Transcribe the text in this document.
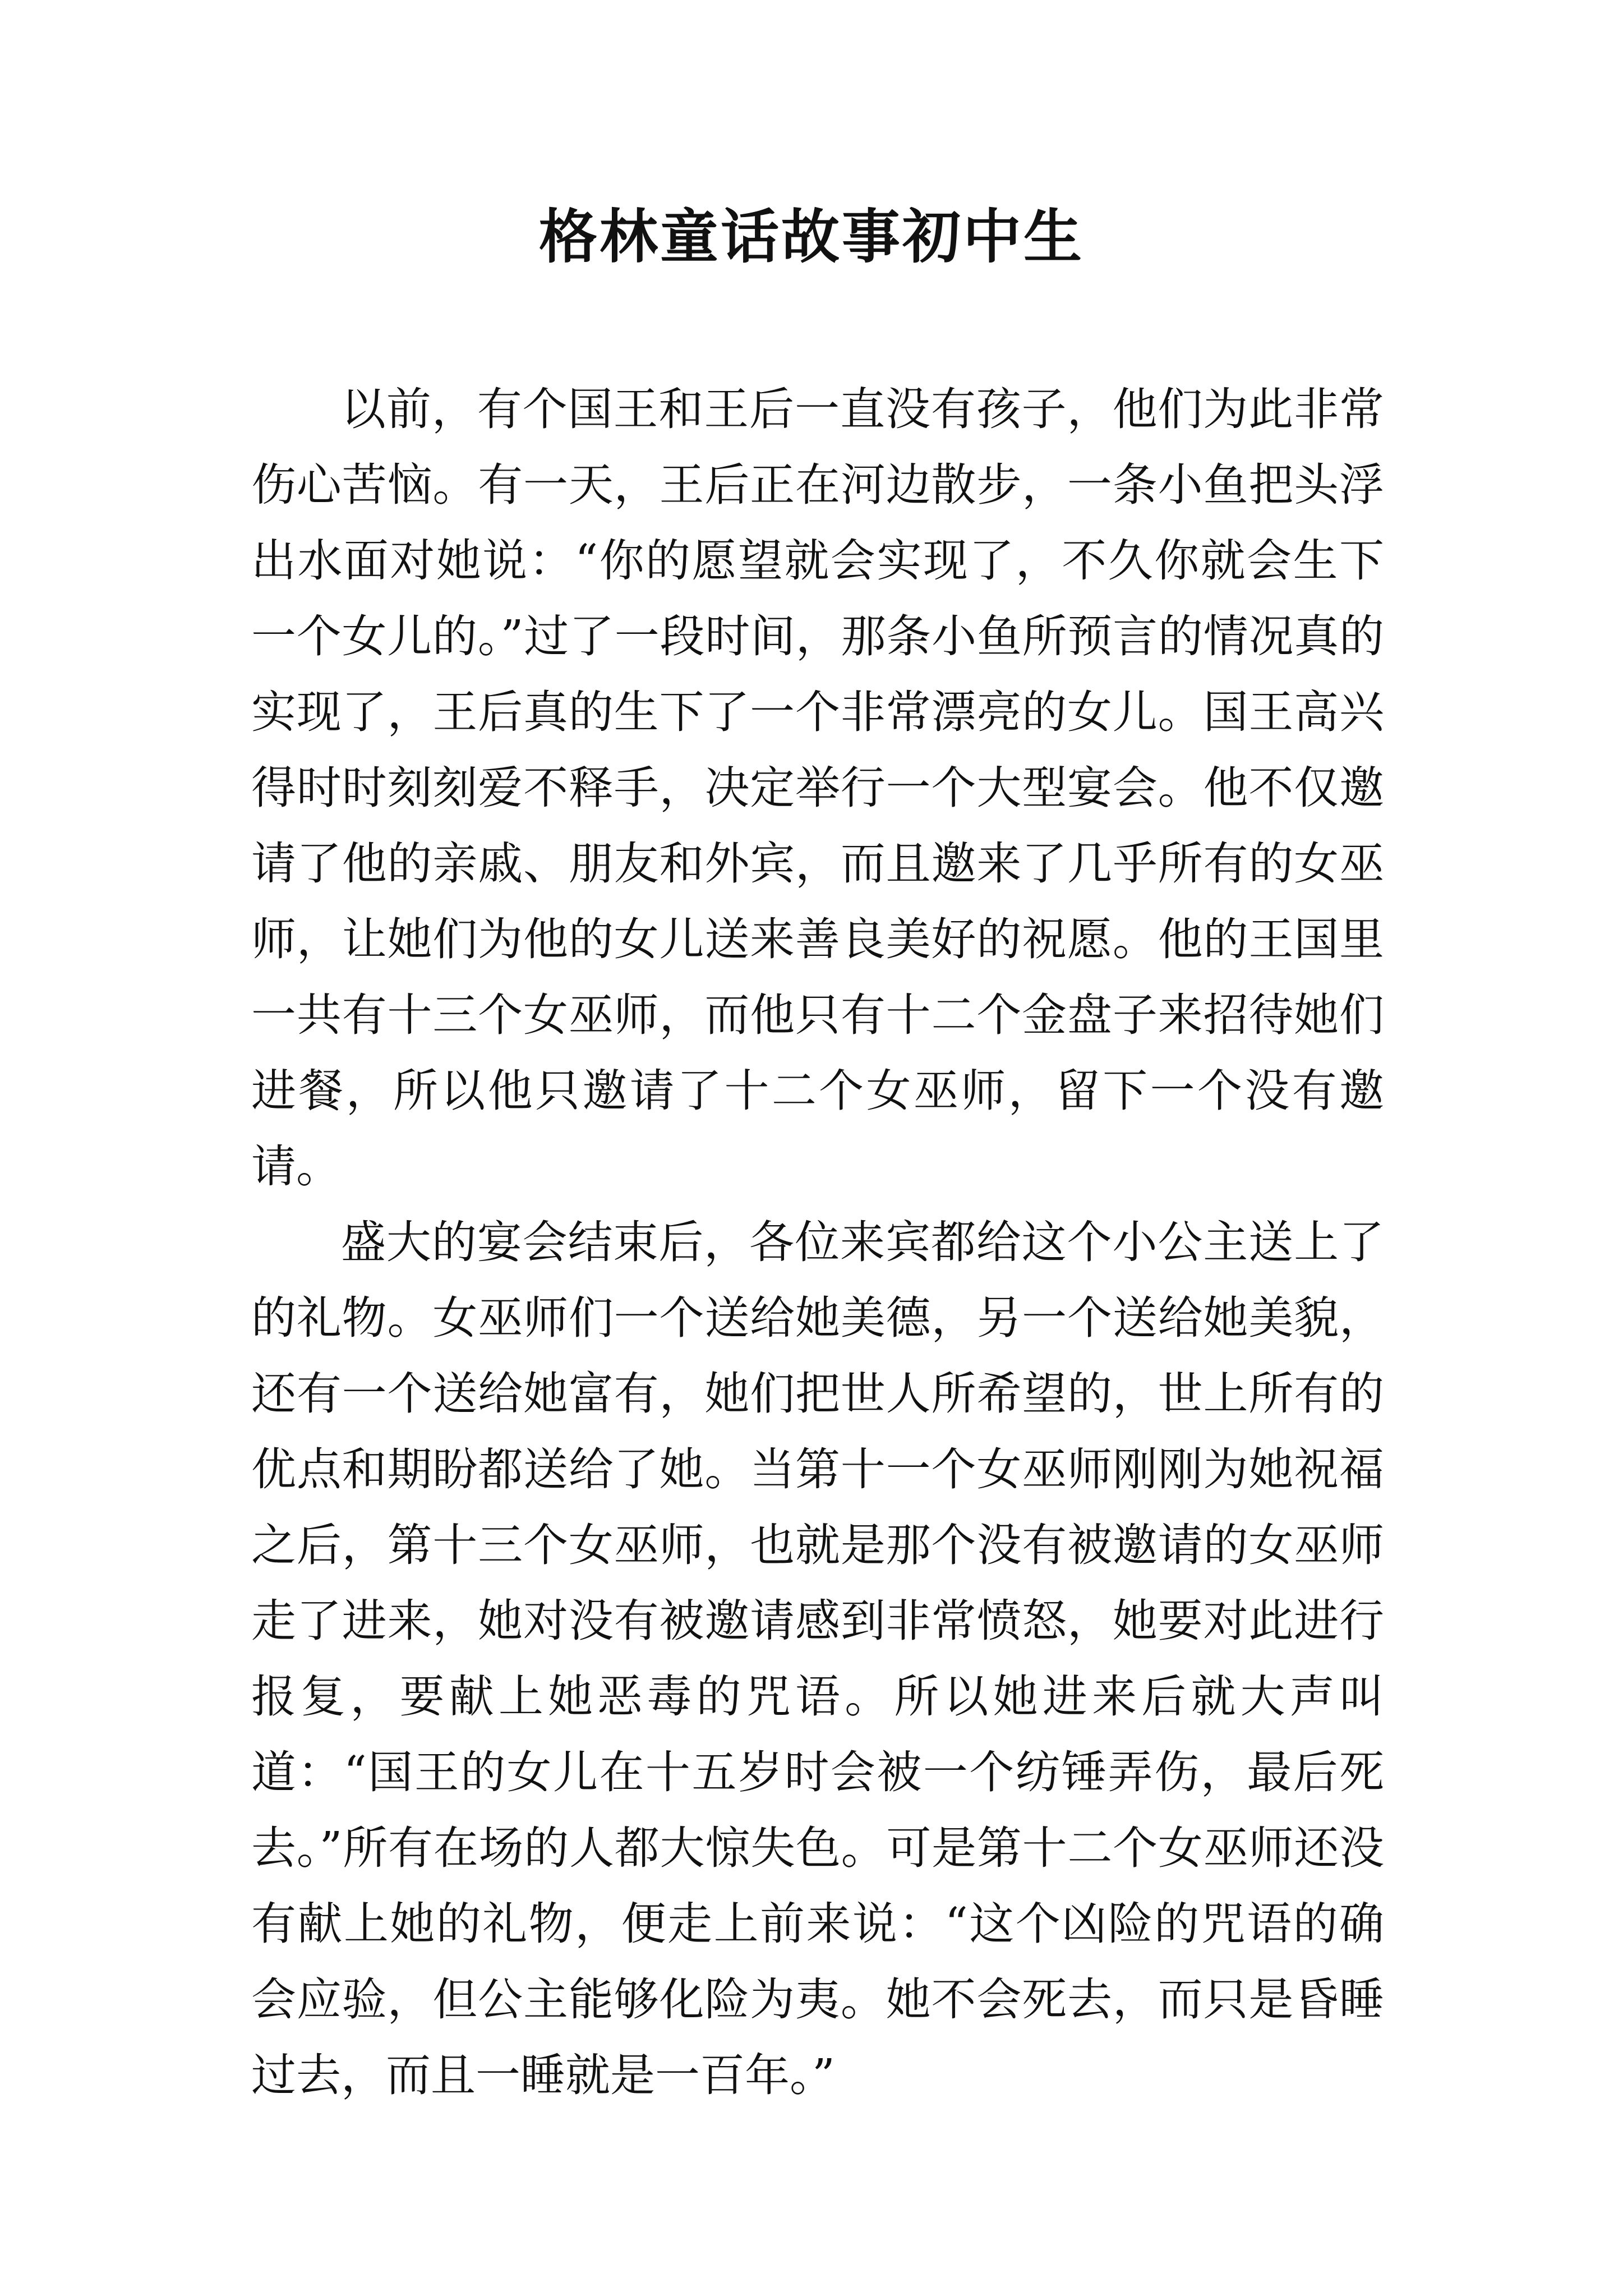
格林童话故事初中生

以前，有个国王和王后一直没有孩子，他们为此非常伤心苦恼。有一天，王后正在河边散步，一条小鱼把头浮出水面对她说：“你的愿望就会实现了，不久你就会生下一个女儿的。”过了一段时间，那条小鱼所预言的情况真的实现了，王后真的生下了一个非常漂亮的女儿。国王高兴得时时刻刻爱不释手，决定举行一个大型宴会。他不仅邀请了他的亲戚、朋友和外宾，而且邀来了几乎所有的女巫师，让她们为他的女儿送来善良美好的祝愿。他的王国里一共有十三个女巫师，而他只有十二个金盘子来招待她们进餐，所以他只邀请了十二个女巫师，留下一个没有邀请。

盛大的宴会结束后，各位来宾都给这个小公主送上了的礼物。女巫师们一个送给她美德，另一个送给她美貌，还有一个送给她富有，她们把世人所希望的，世上所有的优点和期盼都送给了她。当第十一个女巫师刚刚为她祝福之后，第十三个女巫师，也就是那个没有被邀请的女巫师走了进来，她对没有被邀请感到非常愤怒，她要对此进行报复，要献上她恶毒的咒语。所以她进来后就大声叫道：“国王的女儿在十五岁时会被一个纺锤弄伤，最后死去。”所有在场的人都大惊失色。可是第十二个女巫师还没有献上她的礼物，便走上前来说：“这个凶险的咒语的确会应验，但公主能够化险为夷。她不会死去，而只是昏睡过去，而且一睡就是一百年。”
